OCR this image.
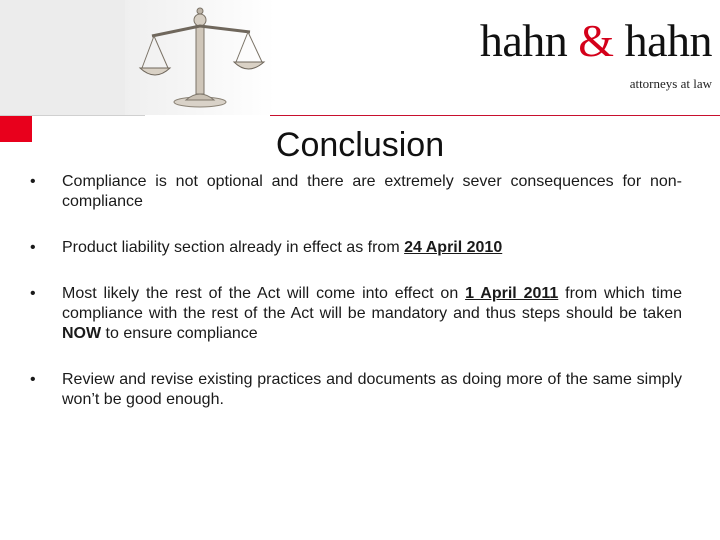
hahn & hahn
attorneys at law
Conclusion
• Compliance is not optional and there are extremely sever consequences for non-compliance
• Product liability section already in effect as from 24 April 2010
• Most likely the rest of the Act will come into effect on 1 April 2011 from which time compliance with the rest of the Act will be mandatory and thus steps should be taken NOW to ensure compliance
• Review and revise existing practices and documents as doing more of the same simply won’t be good enough.
